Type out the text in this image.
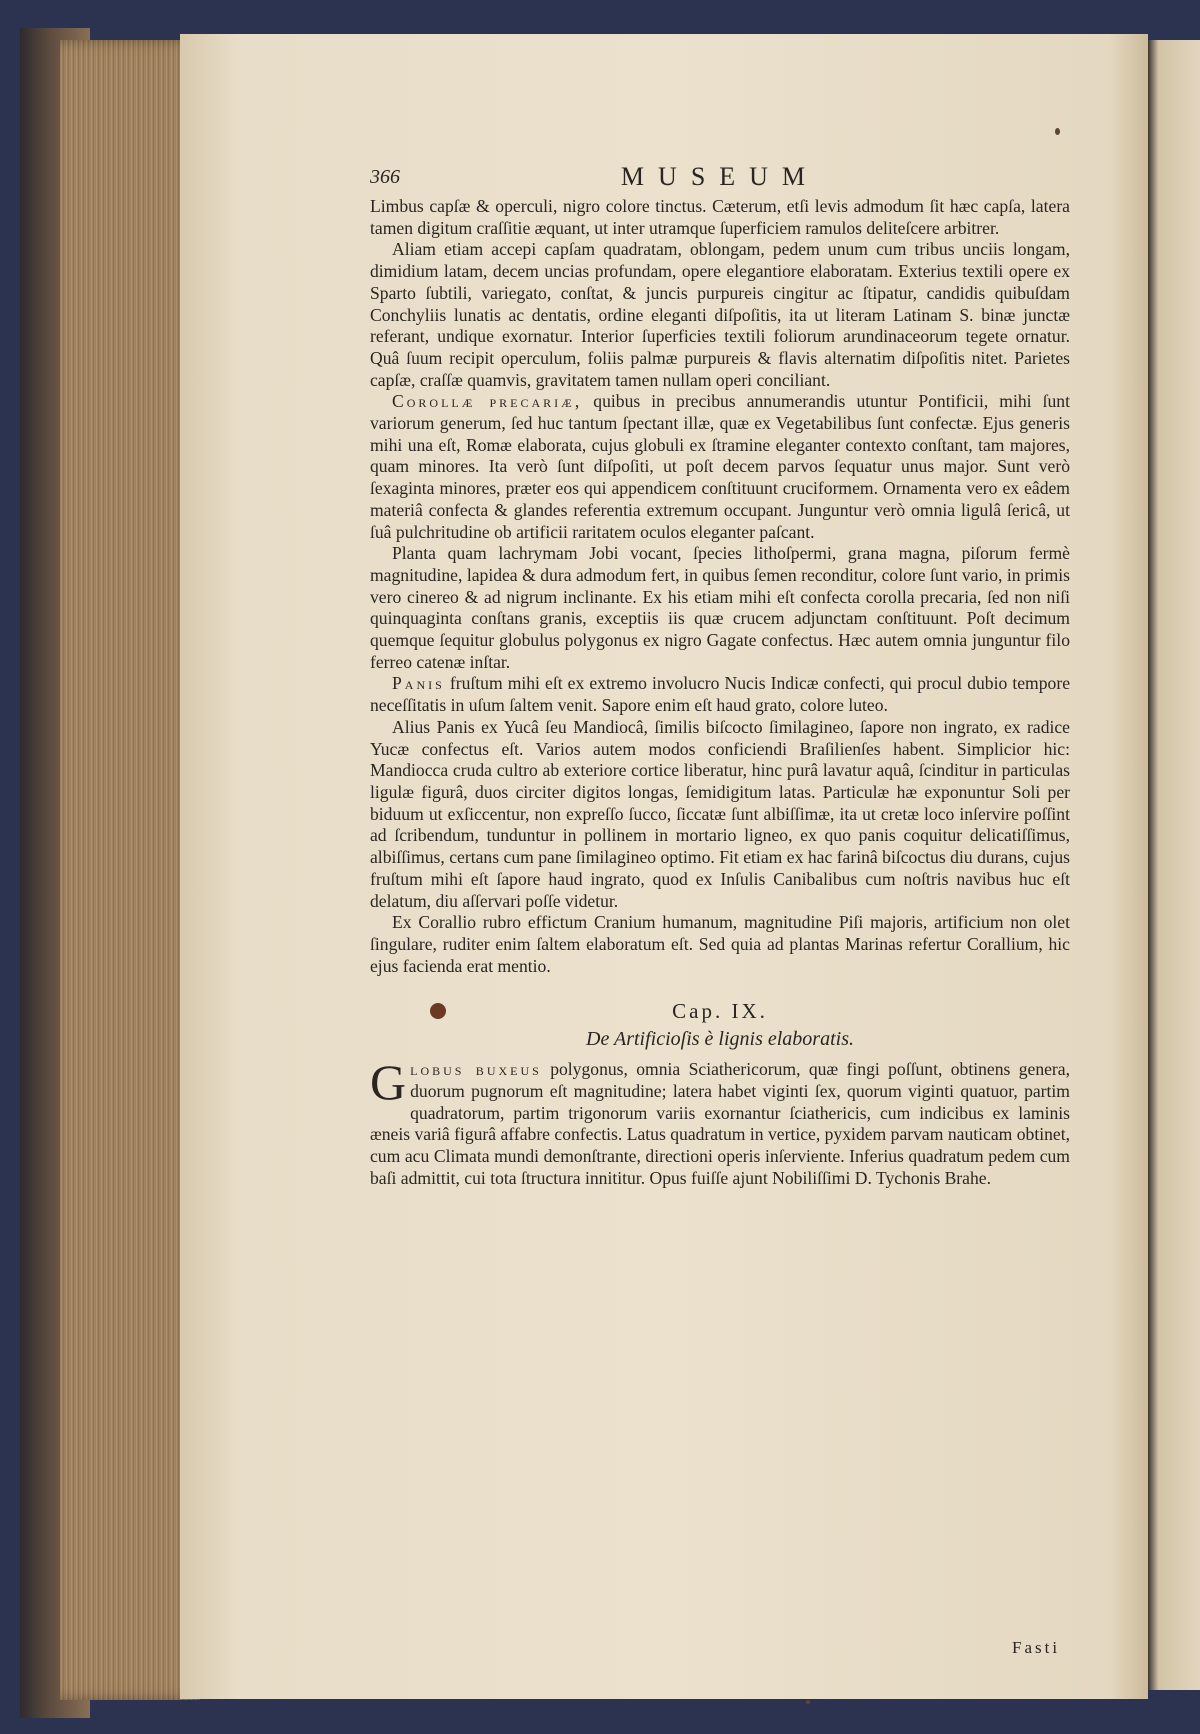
366	MUSEUM

Limbus capſæ & operculi, nigro colore tinctus. Cæterum, etſi levis admodum ſit hæc capſa, latera tamen digitum craſſitie æquant, ut inter utramque ſuperficiem ramulos deliteſcere arbitrer.

Aliam etiam accepi capſam quadratam, oblongam, pedem unum cum tribus unciis longam, dimidium latam, decem uncias profundam, opere elegantiore elaboratam. Exterius textili opere ex Sparto ſubtili, variegato, conſtat, & juncis purpureis cingitur ac ſtipatur, candidis quibuſdam Conchyliis lunatis ac dentatis, ordine eleganti diſpoſitis, ita ut literam Latinam S. binæ junctæ referant, undique exornatur. Interior ſuperficies textili foliorum arundinaceorum tegete ornatur. Quâ ſuum recipit operculum, foliis palmæ purpureis & flavis alternatim diſpoſitis nitet. Parietes capſæ, craſſæ quamvis, gravitatem tamen nullam operi conciliant.

Corollæ precariæ, quibus in precibus annumerandis utuntur Pontificii, mihi ſunt variorum generum, ſed huc tantum ſpectant illæ, quæ ex Vegetabilibus ſunt confectæ. Ejus generis mihi una eſt, Romæ elaborata, cujus globuli ex ſtramine eleganter contexto conſtant, tam majores, quam minores. Ita verò ſunt diſpoſiti, ut poſt decem parvos ſequatur unus major. Sunt verò ſexaginta minores, præter eos qui appendicem conſtituunt cruciformem. Ornamenta vero ex eâdem materiâ confecta & glandes referentia extremum occupant. Junguntur verò omnia ligulâ ſericâ, ut ſuâ pulchritudine ob artificii raritatem oculos eleganter paſcant.

Planta quam lachrymam Jobi vocant, ſpecies lithoſpermi, grana magna, piſorum fermè magnitudine, lapidea & dura admodum fert, in quibus ſemen reconditur, colore ſunt vario, in primis vero cinereo & ad nigrum inclinante. Ex his etiam mihi eſt confecta corolla precaria, ſed non niſi quinquaginta conſtans granis, exceptiis iis quæ crucem adjunctam conſtituunt. Poſt decimum quemque ſequitur globulus polygonus ex nigro Gagate confectus. Hæc autem omnia junguntur filo ferreo catenæ inſtar.

Panis fruſtum mihi eſt ex extremo involucro Nucis Indicæ confecti, qui procul dubio tempore neceſſitatis in uſum ſaltem venit. Sapore enim eſt haud grato, colore luteo.

Alius Panis ex Yucâ ſeu Mandiocâ, ſimilis biſcocto ſimilagineo, ſapore non ingrato, ex radice Yucæ confectus eſt. Varios autem modos conficiendi Braſilienſes habent. Simplicior hic: Mandiocca cruda cultro ab exteriore cortice liberatur, hinc purâ lavatur aquâ, ſcinditur in particulas ligulæ figurâ, duos circiter digitos longas, ſemidigitum latas. Particulæ hæ exponuntur Soli per biduum ut exſiccentur, non expreſſo ſucco, ſiccatæ ſunt albiſſimæ, ita ut cretæ loco inſervire poſſint ad ſcribendum, tunduntur in pollinem in mortario ligneo, ex quo panis coquitur delicatiſſimus, albiſſimus, certans cum pane ſimilagineo optimo. Fit etiam ex hac farinâ biſcoctus diu durans, cujus fruſtum mihi eſt ſapore haud ingrato, quod ex Inſulis Canibalibus cum noſtris navibus huc eſt delatum, diu aſſervari poſſe videtur.

Ex Corallio rubro effictum Cranium humanum, magnitudine Piſi majoris, artificium non olet ſingulare, ruditer enim ſaltem elaboratum eſt. Sed quia ad plantas Marinas refertur Corallium, hic ejus facienda erat mentio.

Cap. IX.
De Artificioſis è lignis elaboratis.

Globus buxeus polygonus, omnia Sciathericorum, quæ fingi poſſunt, obtinens genera, duorum pugnorum eſt magnitudine; latera habet viginti ſex, quorum viginti quatuor, partim quadratorum, partim trigonorum variis exornantur ſciathericis, cum indicibus ex laminis æneis variâ figurâ affabre confectis. Latus quadratum in vertice, pyxidem parvam nauticam obtinet, cum acu Climata mundi demonſtrante, directioni operis inſerviente. Inferius quadratum pedem cum baſi admittit, cui tota ſtructura innititur. Opus fuiſſe ajunt Nobiliſſimi D. Tychonis Brahe.

Fasti
